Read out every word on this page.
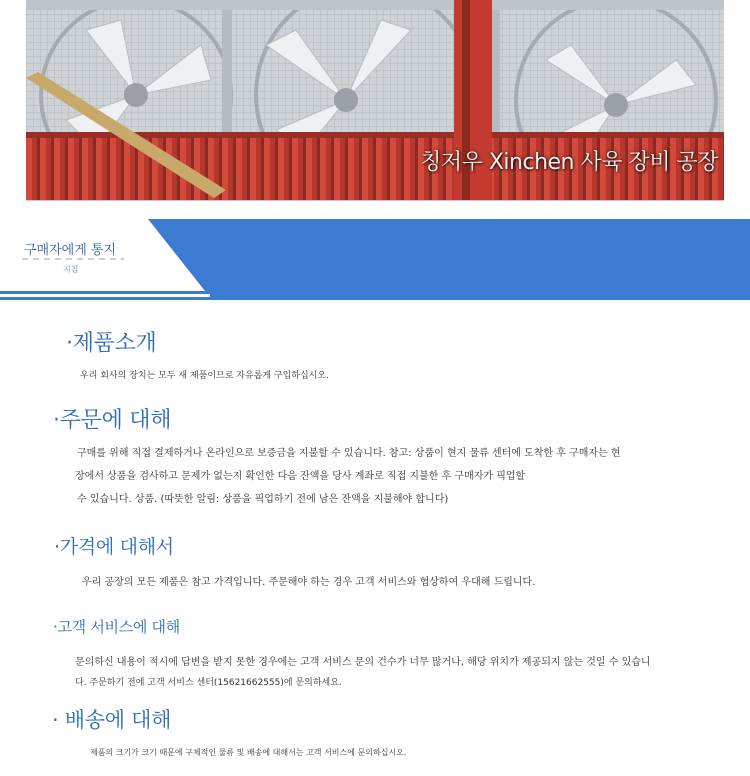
칭저우 Xinchen 사육 장비 공장
구매자에게 통지
지침
·제품소개
우리 회사의 장치는 모두 새 제품이므로 자유롭게 구입하십시오.
·주문에 대해
구매를 위해 직접 결제하거나 온라인으로 보증금을 지불할 수 있습니다. 참고: 상품이 현지 물류 센터에 도착한 후 구매자는 현
장에서 상품을 검사하고 문제가 없는지 확인한 다음 잔액을 당사 계좌로 직접 지불한 후 구매자가 픽업할
수 있습니다. 상품. (따뜻한 알림: 상품을 픽업하기 전에 남은 잔액을 지불해야 합니다)
·가격에 대해서
우리 공장의 모든 제품은 참고 가격입니다. 주문해야 하는 경우 고객 서비스와 협상하여 우대해 드립니다.
·고객 서비스에 대해
문의하신 내용이 적시에 답변을 받지 못한 경우에는 고객 서비스 문의 건수가 너무 많거나, 해당 위치가 제공되지 않는 것일 수 있습니
다. 주문하기 전에 고객 서비스 센터(15621662555)에 문의하세요.
· 배송에 대해
제품의 크기가 크기 때문에 구체적인 물류 및 배송에 대해서는 고객 서비스에 문의하십시오.
